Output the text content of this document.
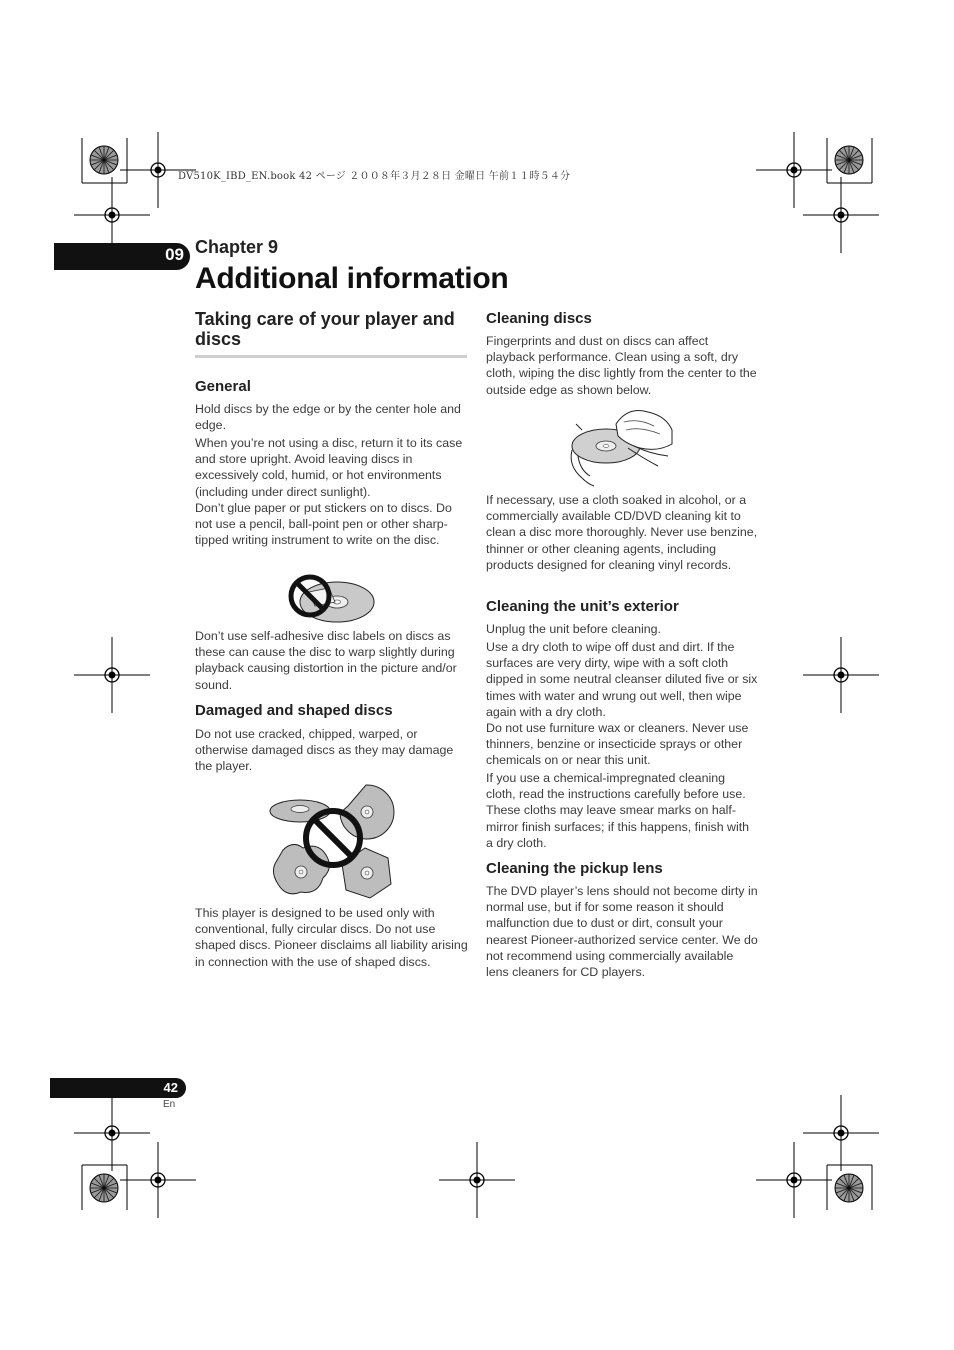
DV510K_IBD_EN.book 42 ページ ２００８年３月２８日 金曜日 午前１１時５４分
09 Chapter 9
Additional information
Taking care of your player and discs
General
Hold discs by the edge or by the center hole and edge.
When you’re not using a disc, return it to its case and store upright. Avoid leaving discs in excessively cold, humid, or hot environments (including under direct sunlight).
Don’t glue paper or put stickers on to discs. Do not use a pencil, ball-point pen or other sharp-tipped writing instrument to write on the disc.
Don’t use self-adhesive disc labels on discs as these can cause the disc to warp slightly during playback causing distortion in the picture and/or sound.
Damaged and shaped discs
Do not use cracked, chipped, warped, or otherwise damaged discs as they may damage the player.
This player is designed to be used only with conventional, fully circular discs. Do not use shaped discs. Pioneer disclaims all liability arising in connection with the use of shaped discs.
Cleaning discs
Fingerprints and dust on discs can affect playback performance. Clean using a soft, dry cloth, wiping the disc lightly from the center to the outside edge as shown below.
If necessary, use a cloth soaked in alcohol, or a commercially available CD/DVD cleaning kit to clean a disc more thoroughly. Never use benzine, thinner or other cleaning agents, including products designed for cleaning vinyl records.
Cleaning the unit’s exterior
Unplug the unit before cleaning.
Use a dry cloth to wipe off dust and dirt. If the surfaces are very dirty, wipe with a soft cloth dipped in some neutral cleanser diluted five or six times with water and wrung out well, then wipe again with a dry cloth.
Do not use furniture wax or cleaners. Never use thinners, benzine or insecticide sprays or other chemicals on or near this unit.
If you use a chemical-impregnated cleaning cloth, read the instructions carefully before use. These cloths may leave smear marks on half-mirror finish surfaces; if this happens, finish with a dry cloth.
Cleaning the pickup lens
The DVD player’s lens should not become dirty in normal use, but if for some reason it should malfunction due to dust or dirt, consult your nearest Pioneer-authorized service center. We do not recommend using commercially available lens cleaners for CD players.
42
En
